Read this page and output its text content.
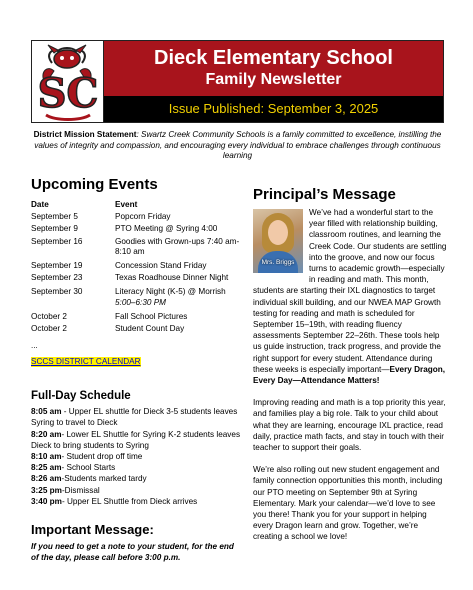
SC
Dieck Elementary School
Family Newsletter
Issue Published: September 3, 2025
District Mission Statement: Swartz Creek Community Schools is a family committed to excellence, instilling the values of integrity and compassion, and encouraging every individual to embrace challenges through continuous learning
Upcoming Events
Date	Event
September 5	Popcorn Friday
September 9	PTO Meeting @ Syring 4:00
September 16	Goodies with Grown-ups 7:40 am-8:10 am
September 19	Concession Stand Friday
September 23	Texas Roadhouse Dinner Night
September 30	Literacy Night (K-5) @ Morrish 5:00–6:30 PM
October 2	Fall School Pictures
October 2	Student Count Day
...
SCCS DISTRICT CALENDAR
Full-Day Schedule
8:05 am - Upper EL shuttle for Dieck 3-5 students leaves Syring to travel to Dieck
8:20 am- Lower EL Shuttle for Syring K-2 students leaves Dieck to bring students to Syring
8:10 am- Student drop off time
8:25 am- School Starts
8:26 am-Students marked tardy
3:25 pm-Dismissal
3:40 pm- Upper EL Shuttle from Dieck arrives
Important Message:
If you need to get a note to your student, for the end of the day, please call before 3:00 p.m.
Principal’s Message
Mrs. Briggs
We’ve had a wonderful start to the year filled with relationship building, classroom routines, and learning the Creek Code. Our students are settling into the groove, and now our focus turns to academic growth—especially in reading and math. This month, students are starting their IXL diagnostics to target individual skill building, and our NWEA MAP Growth testing for reading and math is scheduled for September 15–19th, with reading fluency assessments September 22–26th. These tools help us guide instruction, track progress, and provide the right support for every student. Attendance during these weeks is especially important—Every Dragon, Every Day—Attendance Matters!
Improving reading and math is a top priority this year, and families play a big role. Talk to your child about what they are learning, encourage IXL practice, read daily, practice math facts, and stay in touch with their teacher to support their goals.
We’re also rolling out new student engagement and family connection opportunities this month, including our PTO meeting on September 9th at Syring Elementary. Mark your calendar—we’d love to see you there! Thank you for your support in helping every Dragon learn and grow. Together, we’re creating a school we love!
